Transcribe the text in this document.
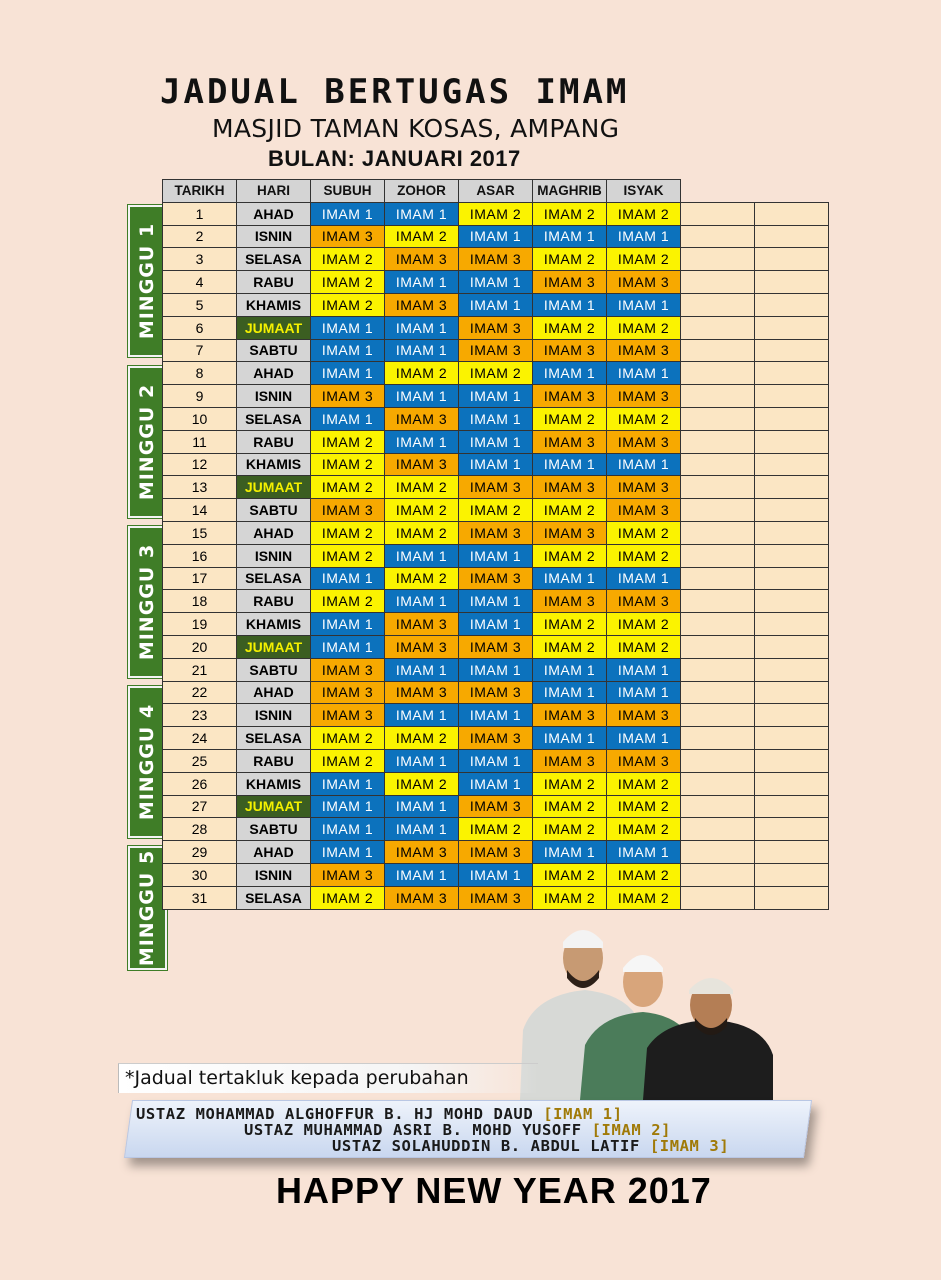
JADUAL BERTUGAS IMAM
MASJID TAMAN KOSAS, AMPANG
BULAN: JANUARI 2017
MINGGU 1
MINGGU 2
MINGGU 3
MINGGU 4
MINGGU 5
TARIKH	HARI	SUBUH	ZOHOR	ASAR	MAGHRIB	ISYAK		
1	AHAD	IMAM 1	IMAM 1	IMAM 2	IMAM 2	IMAM 2		
2	ISNIN	IMAM 3	IMAM 2	IMAM 1	IMAM 1	IMAM 1		
3	SELASA	IMAM 2	IMAM 3	IMAM 3	IMAM 2	IMAM 2		
4	RABU	IMAM 2	IMAM 1	IMAM 1	IMAM 3	IMAM 3		
5	KHAMIS	IMAM 2	IMAM 3	IMAM 1	IMAM 1	IMAM 1		
6	JUMAAT	IMAM 1	IMAM 1	IMAM 3	IMAM 2	IMAM 2		
7	SABTU	IMAM 1	IMAM 1	IMAM 3	IMAM 3	IMAM 3		
8	AHAD	IMAM 1	IMAM 2	IMAM 2	IMAM 1	IMAM 1		
9	ISNIN	IMAM 3	IMAM 1	IMAM 1	IMAM 3	IMAM 3		
10	SELASA	IMAM 1	IMAM 3	IMAM 1	IMAM 2	IMAM 2		
11	RABU	IMAM 2	IMAM 1	IMAM 1	IMAM 3	IMAM 3		
12	KHAMIS	IMAM 2	IMAM 3	IMAM 1	IMAM 1	IMAM 1		
13	JUMAAT	IMAM 2	IMAM 2	IMAM 3	IMAM 3	IMAM 3		
14	SABTU	IMAM 3	IMAM 2	IMAM 2	IMAM 2	IMAM 3		
15	AHAD	IMAM 2	IMAM 2	IMAM 3	IMAM 3	IMAM 2		
16	ISNIN	IMAM 2	IMAM 1	IMAM 1	IMAM 2	IMAM 2		
17	SELASA	IMAM 1	IMAM 2	IMAM 3	IMAM 1	IMAM 1		
18	RABU	IMAM 2	IMAM 1	IMAM 1	IMAM 3	IMAM 3		
19	KHAMIS	IMAM 1	IMAM 3	IMAM 1	IMAM 2	IMAM 2		
20	JUMAAT	IMAM 1	IMAM 3	IMAM 3	IMAM 2	IMAM 2		
21	SABTU	IMAM 3	IMAM 1	IMAM 1	IMAM 1	IMAM 1		
22	AHAD	IMAM 3	IMAM 3	IMAM 3	IMAM 1	IMAM 1		
23	ISNIN	IMAM 3	IMAM 1	IMAM 1	IMAM 3	IMAM 3		
24	SELASA	IMAM 2	IMAM 2	IMAM 3	IMAM 1	IMAM 1		
25	RABU	IMAM 2	IMAM 1	IMAM 1	IMAM 3	IMAM 3		
26	KHAMIS	IMAM 1	IMAM 2	IMAM 1	IMAM 2	IMAM 2		
27	JUMAAT	IMAM 1	IMAM 1	IMAM 3	IMAM 2	IMAM 2		
28	SABTU	IMAM 1	IMAM 1	IMAM 2	IMAM 2	IMAM 2		
29	AHAD	IMAM 1	IMAM 3	IMAM 3	IMAM 1	IMAM 1		
30	ISNIN	IMAM 3	IMAM 1	IMAM 1	IMAM 2	IMAM 2		
31	SELASA	IMAM 2	IMAM 3	IMAM 3	IMAM 2	IMAM 2		
*Jadual tertakluk kepada perubahan
USTAZ MOHAMMAD ALGHOFFUR B. HJ MOHD DAUD [IMAM 1]
USTAZ MUHAMMAD ASRI B. MOHD YUSOFF [IMAM 2]
USTAZ SOLAHUDDIN B. ABDUL LATIF [IMAM 3]
HAPPY NEW YEAR 2017
